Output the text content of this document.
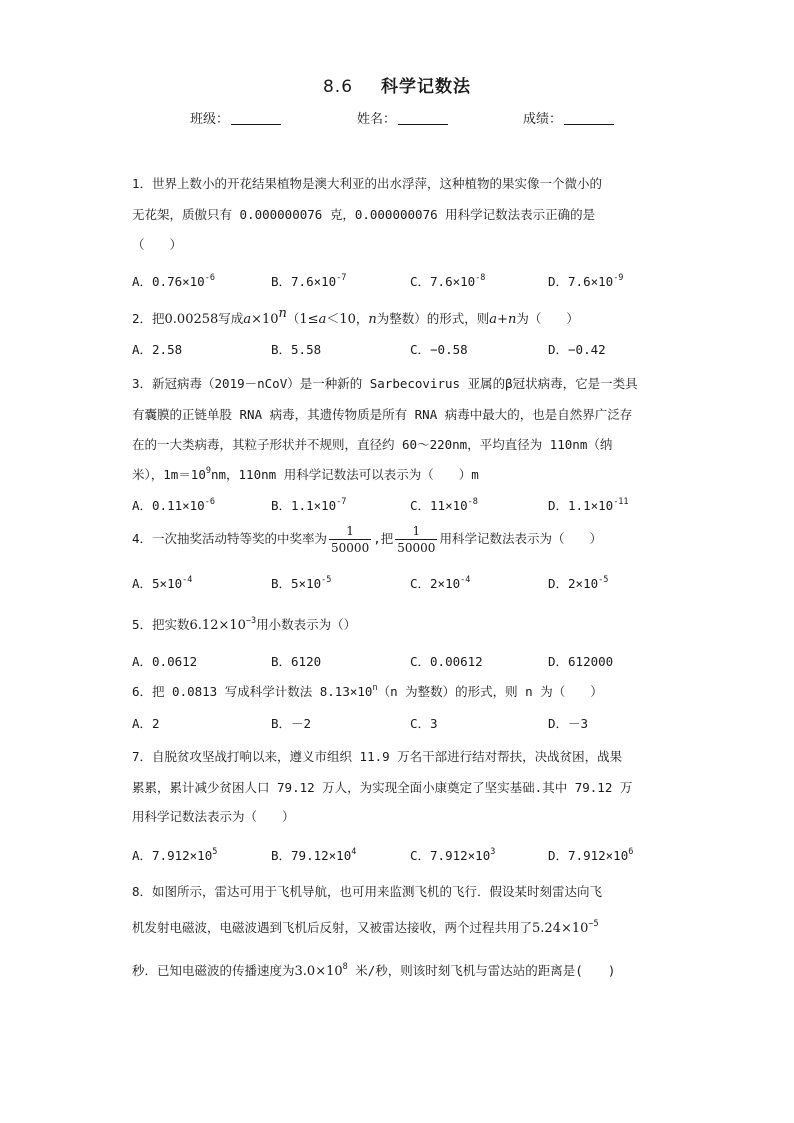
8.6 科学记数法
班级：	姓名：	成绩：
1．世界上数小的开花结果植物是澳大利亚的出水浮萍，这种植物的果实像一个微小的
无花架，质傲只有 0.000000076 克，0.000000076 用科学记数法表示正确的是
（　　）
A．$0.76\times 10^{-6}$	B．$7.6\times 10^{-7}$	C．$7.6\times 10^{-8}$	D．$7.6\times 10^{-9}$
2．把0.00258写成$a\times 10^n(1\le a<10$，n为整数）的形式，则a+n为（　　）
A．2.58	B．5.58	C．−0.58	D．−0.42
3．新冠病毒（2019－nCoV）是一种新的 Sarbecovirus 亚属的β冠状病毒，它是一类具
有囊膜的正链单股 RNA 病毒，其遗传物质是所有 RNA 病毒中最大的，也是自然界广泛存
在的一大类病毒，其粒子形状并不规则，直径约 60～220nm，平均直径为 110nm（纳
米），$1m=10^9nm$，110nm 用科学记数法可以表示为（　　）m
A．$0.11\times 10^{-6}$	B．$1.1\times 10^{-7}$	C．$11\times 10^{-8}$	D．$1.1\times 10^{-11}$
4．一次抽奖活动特等奖的中奖率为 $\frac{1}{50000}$ ,把 $\frac{1}{50000}$ 用科学记数法表示为（　　）
A．$5\times 10^{-4}$	B．$5\times 10^{-5}$	C．$2\times 10^{-4}$	D．$2\times 10^{-5}$
5．把实数$6.12\times 10^{-3}$用小数表示为（）
A．0.0612	B．6120	C．0.00612	D．612000
6．把 0.0813 写成科学计数法 $8.13\times 10^n(n$ 为整数）的形式，则 n 为（　　）
A．2	B．－2	C．3	D．－3
7．自脱贫攻坚战打响以来，遵义市组织 11.9 万名干部进行结对帮扶，决战贫困，战果
累累，累计减少贫困人口 79.12 万人，为实现全面小康奠定了坚实基础.其中 79.12 万
用科学记数法表示为（　　）
A．$7.912\times 10^5$	B．$79.12\times 10^4$	C．$7.912\times 10^3$	D．$7.912\times 10^6$
8．如图所示，雷达可用于飞机导航，也可用来监测飞机的飞行．假设某时刻雷达向飞
机发射电磁波，电磁波遇到飞机后反射，又被雷达接收，两个过程共用了$5.24\times 10^{-5}$
秒．已知电磁波的传播速度为$3.0\times 10^8$ 米/秒，则该时刻飞机与雷达站的距离是(　　)
